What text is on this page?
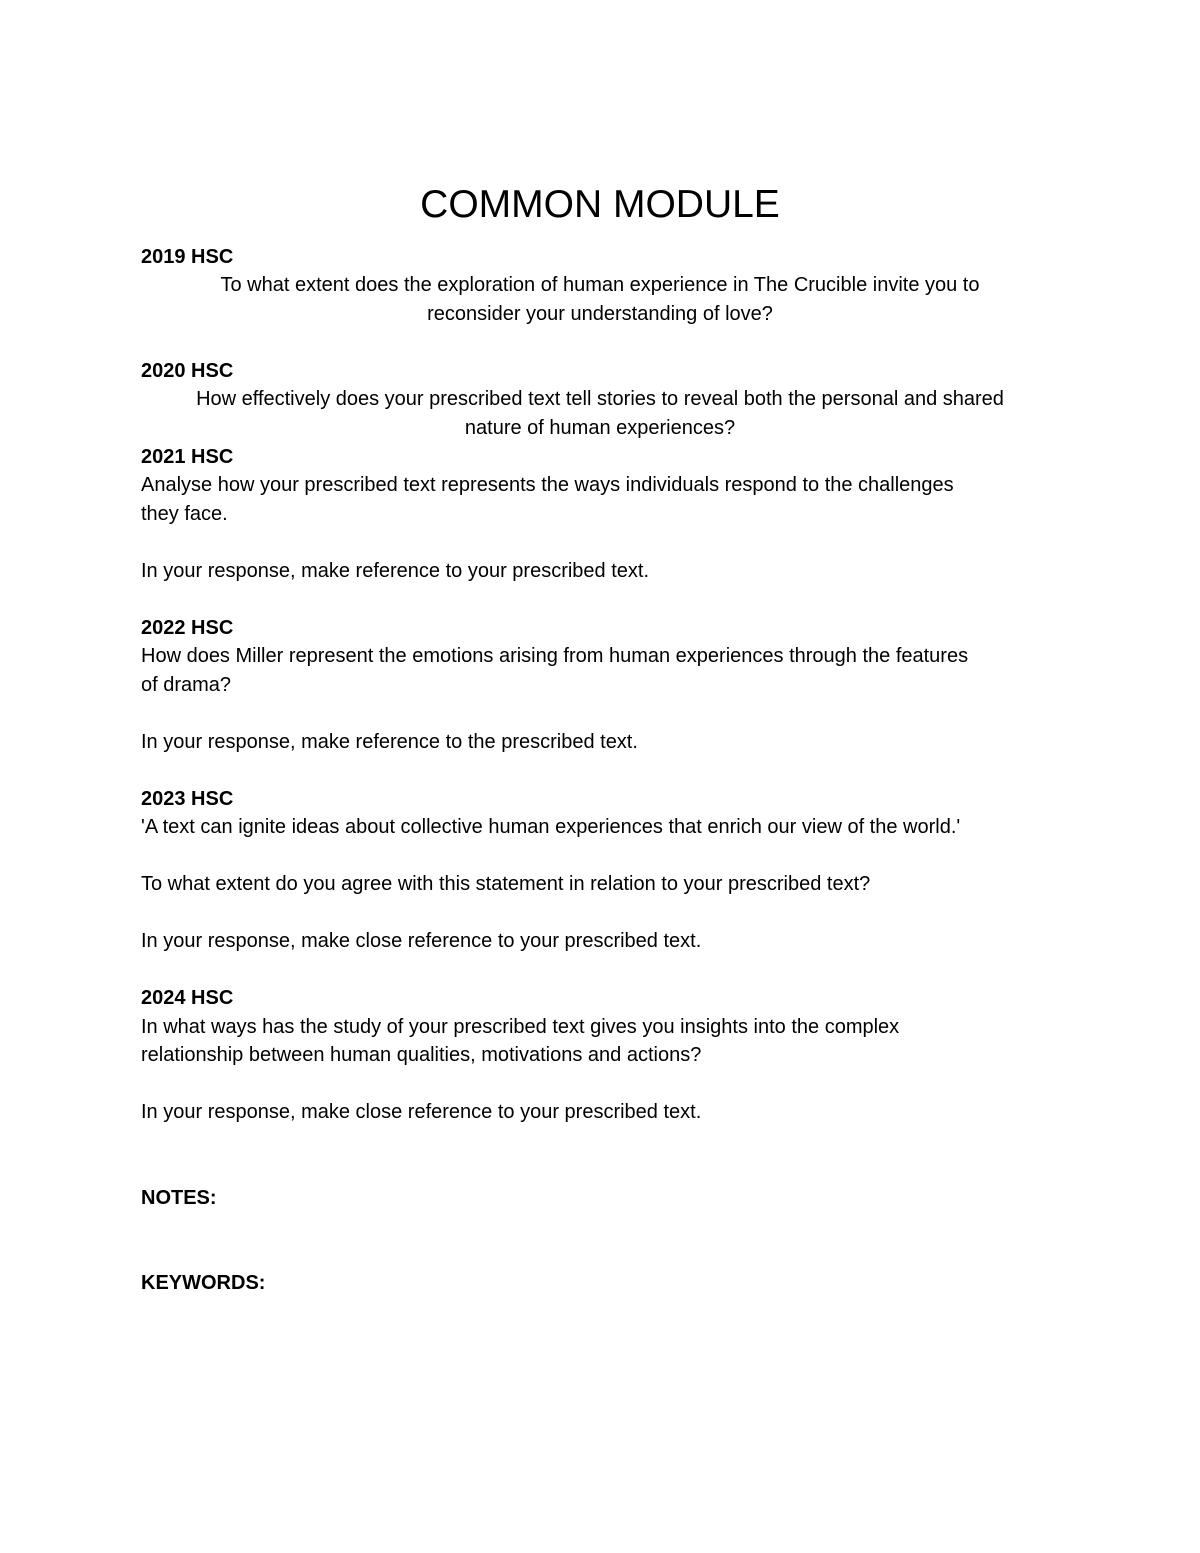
COMMON MODULE
2019 HSC
To what extent does the exploration of human experience in The Crucible invite you to
reconsider your understanding of love?
2020 HSC
How effectively does your prescribed text tell stories to reveal both the personal and shared
nature of human experiences?
2021 HSC
Analyse how your prescribed text represents the ways individuals respond to the challenges
they face.
In your response, make reference to your prescribed text.
2022 HSC
How does Miller represent the emotions arising from human experiences through the features
of drama?
In your response, make reference to the prescribed text.
2023 HSC
'A text can ignite ideas about collective human experiences that enrich our view of the world.'
To what extent do you agree with this statement in relation to your prescribed text?
In your response, make close reference to your prescribed text.
2024 HSC
In what ways has the study of your prescribed text gives you insights into the complex
relationship between human qualities, motivations and actions?
In your response, make close reference to your prescribed text.
NOTES:
KEYWORDS:
